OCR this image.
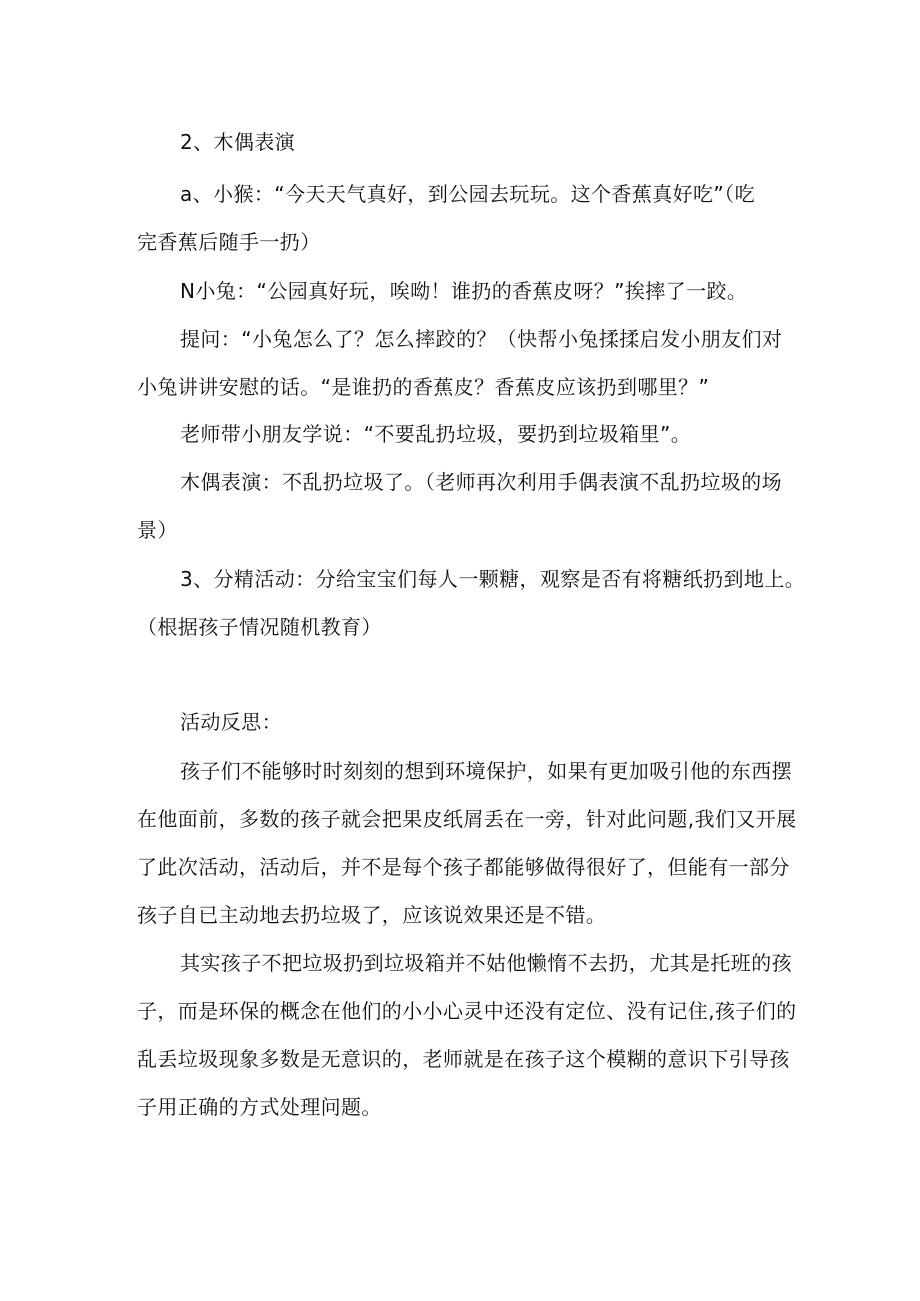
2、木偶表演
a、小猴：“今天天气真好，到公园去玩玩。这个香蕉真好吃”（吃
完香蕉后随手一扔）
N小兔：“公园真好玩，唉呦！谁扔的香蕉皮呀？”挨摔了一跤。
提问：“小兔怎么了？怎么摔跤的？（快帮小兔揉揉启发小朋友们对
小兔讲讲安慰的话。“是谁扔的香蕉皮？香蕉皮应该扔到哪里？”
老师带小朋友学说：“不要乱扔垃圾，要扔到垃圾箱里”。
木偶表演：不乱扔垃圾了。（老师再次利用手偶表演不乱扔垃圾的场
景）
3、分精活动：分给宝宝们每人一颗糖，观察是否有将糖纸扔到地上。
（根据孩子情况随机教育）
活动反思：
孩子们不能够时时刻刻的想到环境保护，如果有更加吸引他的东西摆
在他面前，多数的孩子就会把果皮纸屑丢在一旁，针对此问题,我们又开展
了此次活动，活动后，并不是每个孩子都能够做得很好了，但能有一部分
孩子自已主动地去扔垃圾了，应该说效果还是不错。
其实孩子不把垃圾扔到垃圾箱并不姑他懒惰不去扔，尤其是托班的孩
子，而是环保的概念在他们的小小心灵中还没有定位、没有记住,孩子们的
乱丢垃圾现象多数是无意识的，老师就是在孩子这个模糊的意识下引导孩
子用正确的方式处理问题。
